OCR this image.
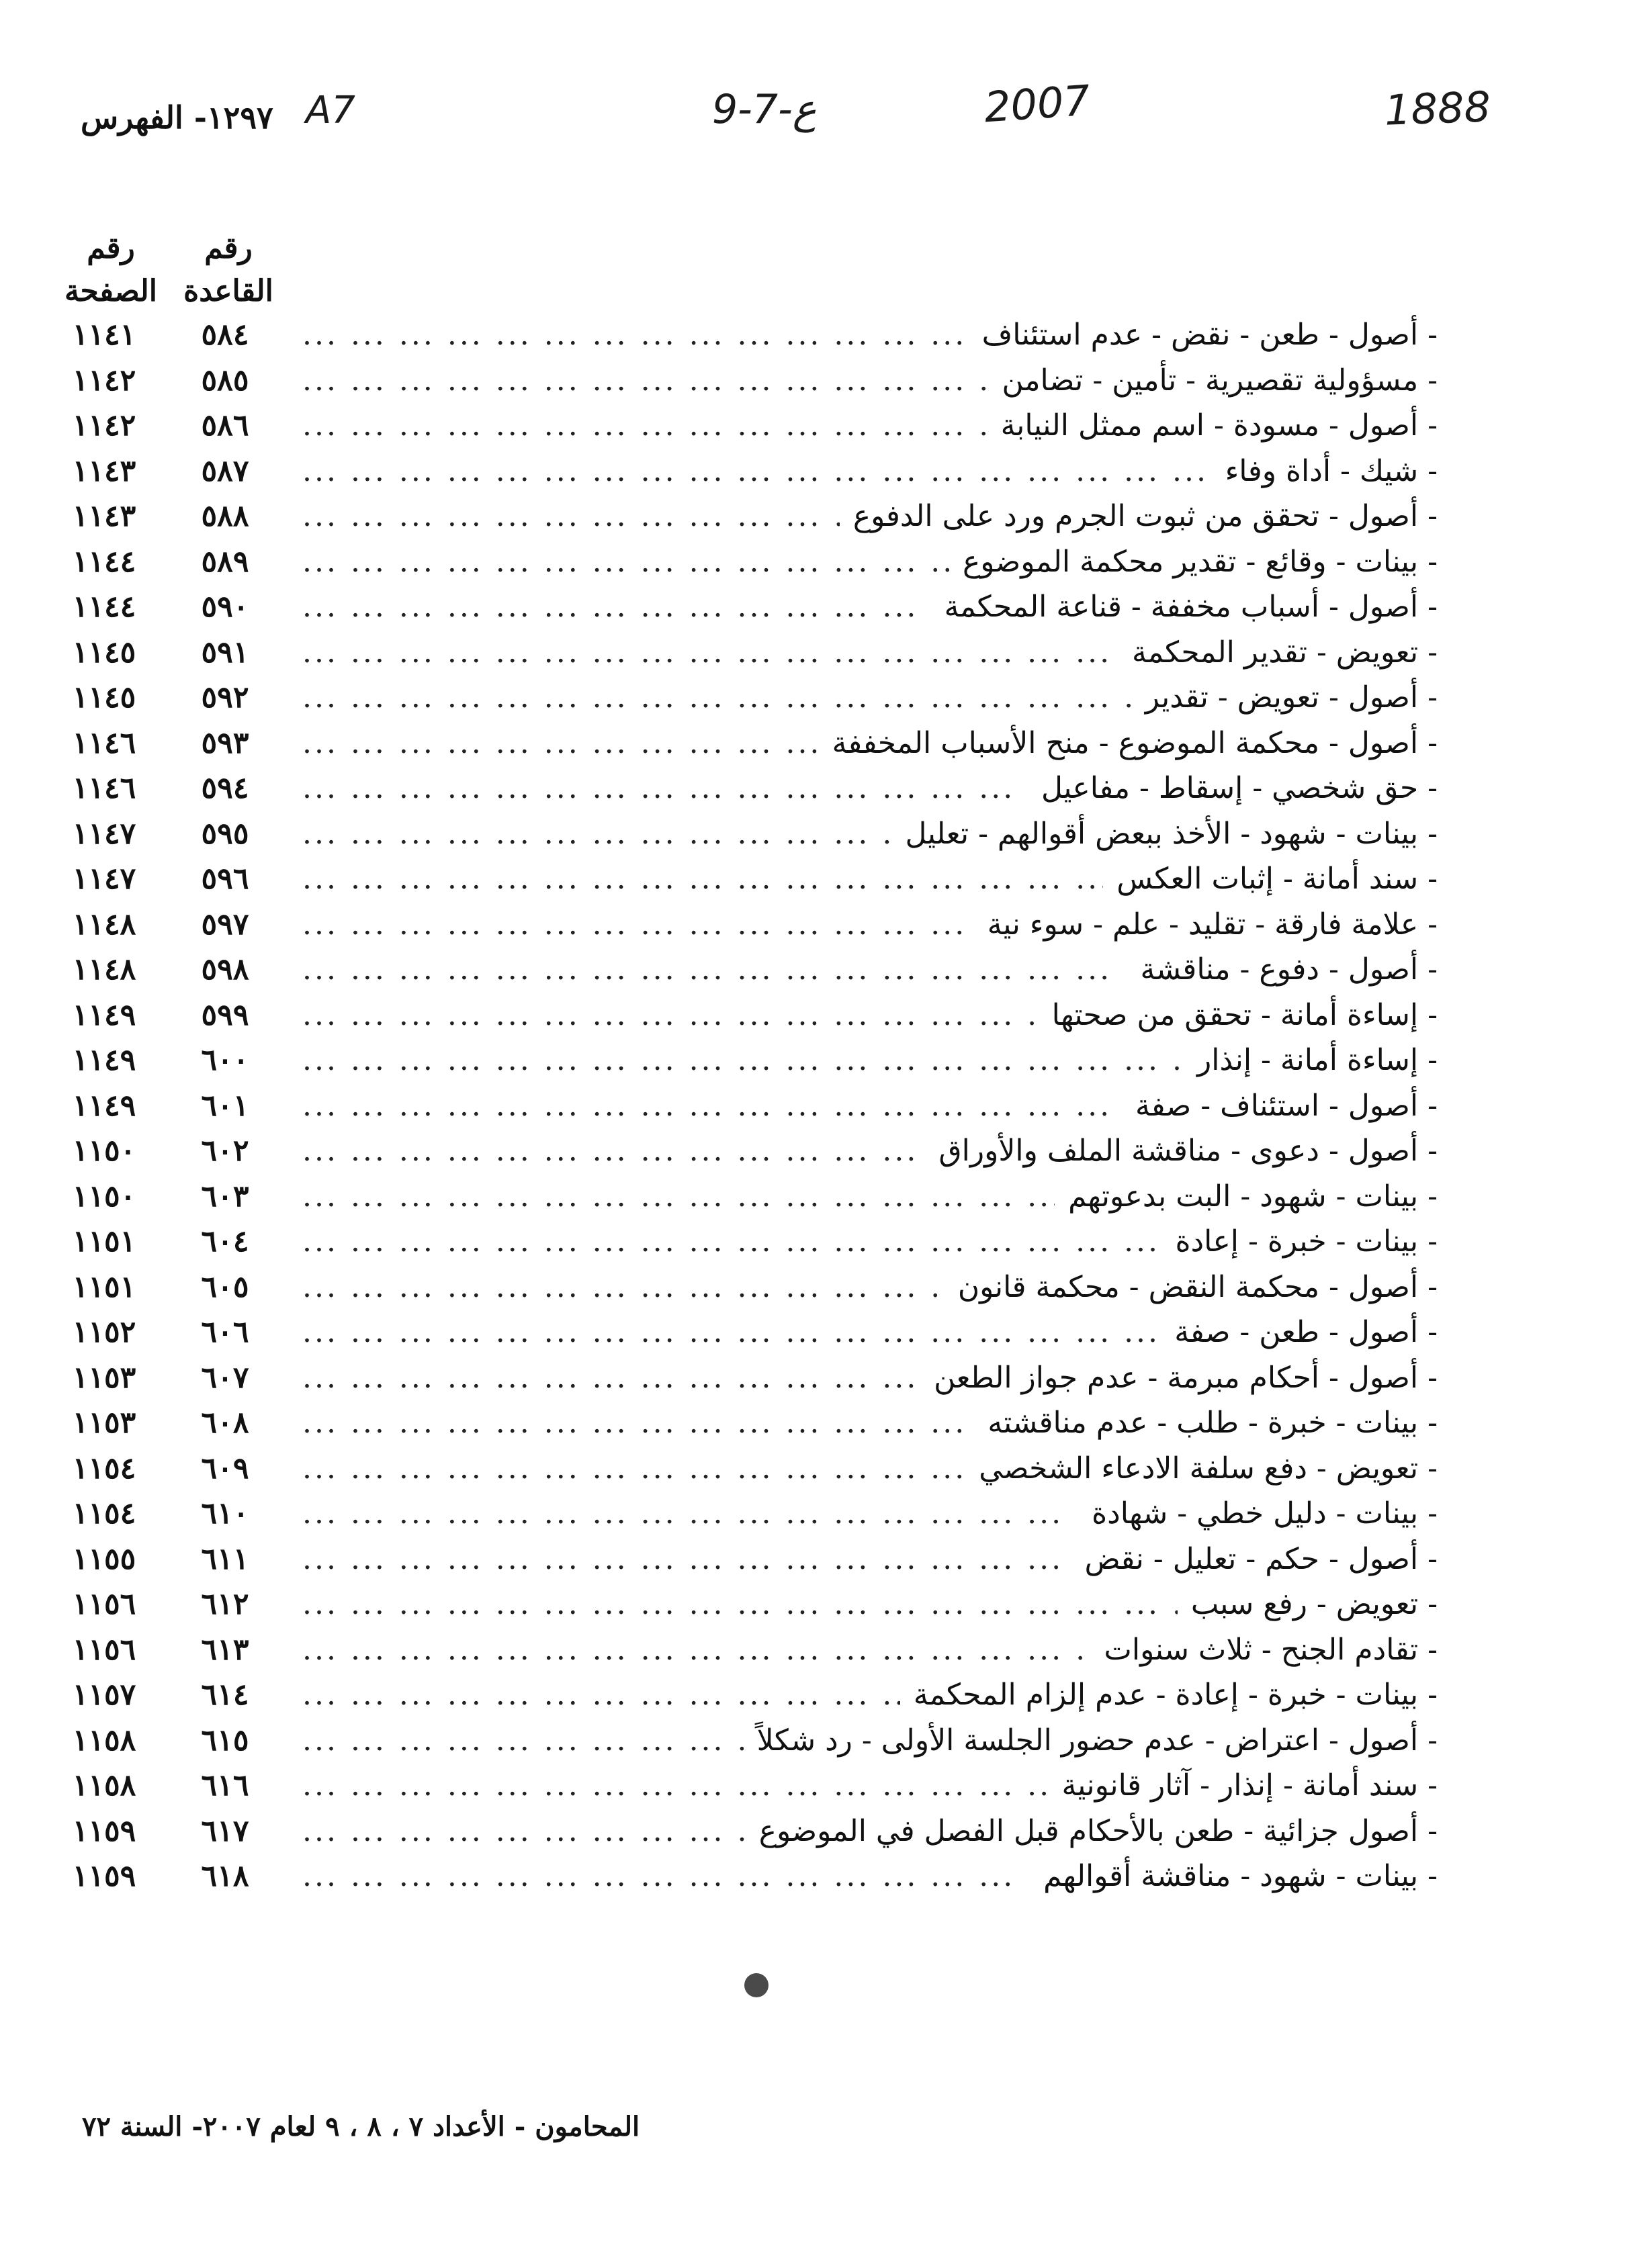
1888
2007
9-7-ع
A7
١٢٩٧- الفهرس
رقم القاعدة
رقم الصفحة
- أصول - طعن - نقض - عدم استئناف
... .
٥٨٤
١١٤١
- مسؤولية تقصيرية - تأمين - تضامن
... .
٥٨٥
١١٤٢
- أصول - مسودة - اسم ممثل النيابة
... .
٥٨٦
١١٤٢
- شيك - أداة وفاء
... .
٥٨٧
١١٤٣
- أصول - تحقق من ثبوت الجرم ورد على الدفوع
... .
٥٨٨
١١٤٣
- بينات - وقائع - تقدير محكمة الموضوع
... .
٥٨٩
١١٤٤
- أصول - أسباب مخففة - قناعة المحكمة
... .
٥٩٠
١١٤٤
- تعويض - تقدير المحكمة
... .
٥٩١
١١٤٥
- أصول - تعويض - تقدير
... .
٥٩٢
١١٤٥
- أصول - محكمة الموضوع - منح الأسباب المخففة
... .
٥٩٣
١١٤٦
- حق شخصي - إسقاط - مفاعيل
... .
٥٩٤
١١٤٦
- بينات - شهود - الأخذ ببعض أقوالهم - تعليل
... .
٥٩٥
١١٤٧
- سند أمانة - إثبات العكس
... .
٥٩٦
١١٤٧
- علامة فارقة - تقليد - علم - سوء نية
... .
٥٩٧
١١٤٨
- أصول - دفوع - مناقشة
... .
٥٩٨
١١٤٨
- إساءة أمانة - تحقق من صحتها
... .
٥٩٩
١١٤٩
- إساءة أمانة - إنذار
... .
٦٠٠
١١٤٩
- أصول - استئناف - صفة
... .
٦٠١
١١٤٩
- أصول - دعوى - مناقشة الملف والأوراق
... .
٦٠٢
١١٥٠
- بينات - شهود - البت بدعوتهم
... .
٦٠٣
١١٥٠
- بينات - خبرة - إعادة
... .
٦٠٤
١١٥١
- أصول - محكمة النقض - محكمة قانون
... .
٦٠٥
١١٥١
- أصول - طعن - صفة
... .
٦٠٦
١١٥٢
- أصول - أحكام مبرمة - عدم جواز الطعن
... .
٦٠٧
١١٥٣
- بينات - خبرة - طلب - عدم مناقشته
... .
٦٠٨
١١٥٣
- تعويض - دفع سلفة الادعاء الشخصي
... .
٦٠٩
١١٥٤
- بينات - دليل خطي - شهادة
... .
٦١٠
١١٥٤
- أصول - حكم - تعليل - نقض
... .
٦١١
١١٥٥
- تعويض - رفع سبب
... .
٦١٢
١١٥٦
- تقادم الجنح - ثلاث سنوات
... .
٦١٣
١١٥٦
- بينات - خبرة - إعادة - عدم إلزام المحكمة
... .
٦١٤
١١٥٧
- أصول - اعتراض - عدم حضور الجلسة الأولى - رد شكلاً
... .
٦١٥
١١٥٨
- سند أمانة - إنذار - آثار قانونية
... .
٦١٦
١١٥٨
- أصول جزائية - طعن بالأحكام قبل الفصل في الموضوع
... .
٦١٧
١١٥٩
- بينات - شهود - مناقشة أقوالهم
... .
٦١٨
١١٥٩
المحامون - الأعداد ٧ ، ٨ ، ٩ لعام ٢٠٠٧- السنة ٧٢
